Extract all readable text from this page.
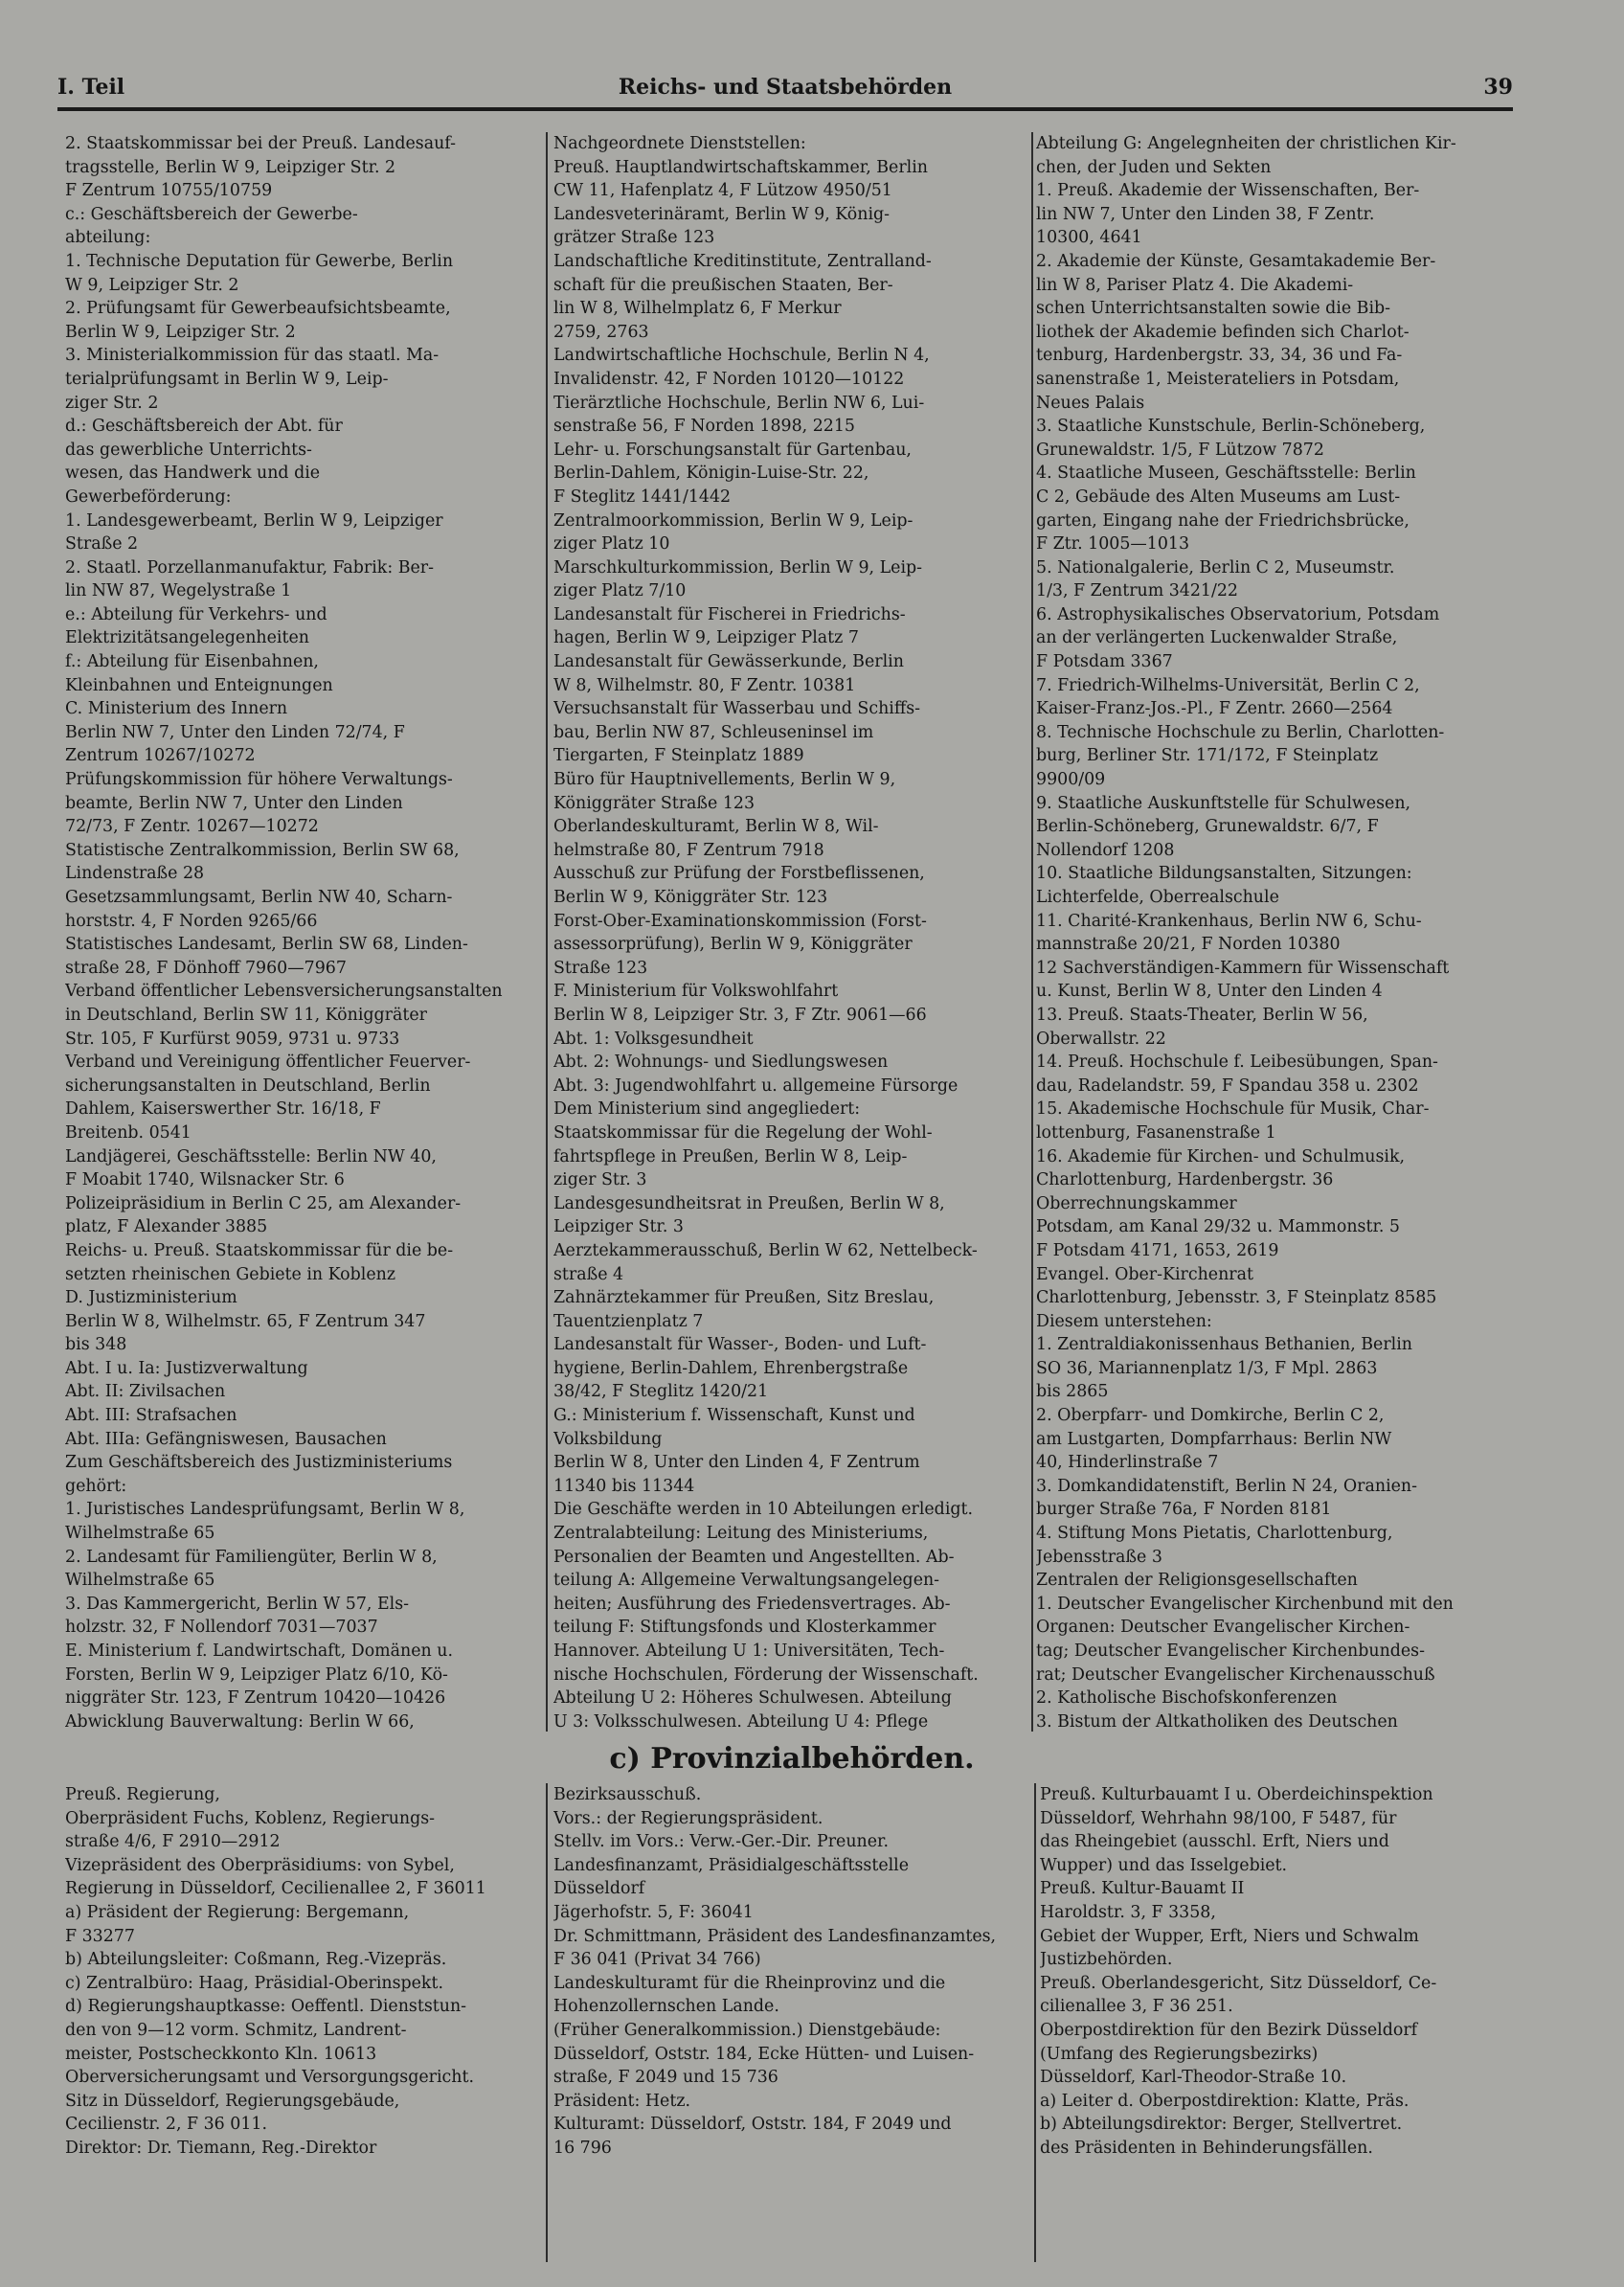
I. Teil	Reichs- und Staatsbehörden	39
2. Staatskommissar bei der Preuß. Landesauf-
tragsstelle, Berlin W 9, Leipziger Str. 2
F Zentrum 10755/10759
c.: Geschäftsbereich der Gewerbe-
abteilung:
1. Technische Deputation für Gewerbe, Berlin
W 9, Leipziger Str. 2
2. Prüfungsamt für Gewerbeaufsichtsbeamte,
Berlin W 9, Leipziger Str. 2
3. Ministerialkommission für das staatl. Ma-
terialprüfungsamt in Berlin W 9, Leip-
ziger Str. 2
d.: Geschäftsbereich der Abt. für
das gewerbliche Unterrichts-
wesen, das Handwerk und die
Gewerbeförderung:
1. Landesgewerbeamt, Berlin W 9, Leipziger
Straße 2
2. Staatl. Porzellanmanufaktur, Fabrik: Ber-
lin NW 87, Wegelystraße 1
e.: Abteilung für Verkehrs- und
Elektrizitätsangelegenheiten
f.: Abteilung für Eisenbahnen,
Kleinbahnen und Enteignungen
C. Ministerium des Innern
Berlin NW 7, Unter den Linden 72/74, F
Zentrum 10267/10272
Prüfungskommission für höhere Verwaltungs-
beamte, Berlin NW 7, Unter den Linden
72/73, F Zentr. 10267—10272
Statistische Zentralkommission, Berlin SW 68,
Lindenstraße 28
Gesetzsammlungsamt, Berlin NW 40, Scharn-
horststr. 4, F Norden 9265/66
Statistisches Landesamt, Berlin SW 68, Linden-
straße 28, F Dönhoff 7960—7967
Verband öffentlicher Lebensversicherungsanstalten
in Deutschland, Berlin SW 11, Königgräter
Str. 105, F Kurfürst 9059, 9731 u. 9733
Verband und Vereinigung öffentlicher Feuerver-
sicherungsanstalten in Deutschland, Berlin
Dahlem, Kaiserswerther Str. 16/18, F
Breitenb. 0541
Landjägerei, Geschäftsstelle: Berlin NW 40,
F Moabit 1740, Wilsnacker Str. 6
Polizeipräsidium in Berlin C 25, am Alexander-
platz, F Alexander 3885
Reichs- u. Preuß. Staatskommissar für die be-
setzten rheinischen Gebiete in Koblenz
D. Justizministerium
Berlin W 8, Wilhelmstr. 65, F Zentrum 347
bis 348
Abt. I u. Ia: Justizverwaltung
Abt. II: Zivilsachen
Abt. III: Strafsachen
Abt. IIIa: Gefängniswesen, Bausachen
Zum Geschäftsbereich des Justizministeriums
gehört:
1. Juristisches Landesprüfungsamt, Berlin W 8,
Wilhelmstraße 65
2. Landesamt für Familiengüter, Berlin W 8,
Wilhelmstraße 65
3. Das Kammergericht, Berlin W 57, Els-
holzstr. 32, F Nollendorf 7031—7037
E. Ministerium f. Landwirtschaft, Domänen u.
Forsten, Berlin W 9, Leipziger Platz 6/10, Kö-
niggräter Str. 123, F Zentrum 10420—10426
Abwicklung Bauverwaltung: Berlin W 66,
Nachgeordnete Dienststellen:
Preuß. Hauptlandwirtschaftskammer, Berlin
CW 11, Hafenplatz 4, F Lützow 4950/51
Landesveterinäramt, Berlin W 9, König-
grätzer Straße 123
Landschaftliche Kreditinstitute, Zentralland-
schaft für die preußischen Staaten, Ber-
lin W 8, Wilhelmplatz 6, F Merkur
2759, 2763
Landwirtschaftliche Hochschule, Berlin N 4,
Invalidenstr. 42, F Norden 10120—10122
Tierärztliche Hochschule, Berlin NW 6, Lui-
senstraße 56, F Norden 1898, 2215
Lehr- u. Forschungsanstalt für Gartenbau,
Berlin-Dahlem, Königin-Luise-Str. 22,
F Steglitz 1441/1442
Zentralmoorkommission, Berlin W 9, Leip-
ziger Platz 10
Marschkulturkommission, Berlin W 9, Leip-
ziger Platz 7/10
Landesanstalt für Fischerei in Friedrichs-
hagen, Berlin W 9, Leipziger Platz 7
Landesanstalt für Gewässerkunde, Berlin
W 8, Wilhelmstr. 80, F Zentr. 10381
Versuchsanstalt für Wasserbau und Schiffs-
bau, Berlin NW 87, Schleuseninsel im
Tiergarten, F Steinplatz 1889
Büro für Hauptnivellements, Berlin W 9,
Königgräter Straße 123
Oberlandeskulturamt, Berlin W 8, Wil-
helmstraße 80, F Zentrum 7918
Ausschuß zur Prüfung der Forstbeflissenen,
Berlin W 9, Königgräter Str. 123
Forst-Ober-Examinationskommission (Forst-
assessorprüfung), Berlin W 9, Königgräter
Straße 123
F. Ministerium für Volkswohlfahrt
Berlin W 8, Leipziger Str. 3, F Ztr. 9061—66
Abt. 1: Volksgesundheit
Abt. 2: Wohnungs- und Siedlungswesen
Abt. 3: Jugendwohlfahrt u. allgemeine Fürsorge
Dem Ministerium sind angegliedert:
Staatskommissar für die Regelung der Wohl-
fahrtspflege in Preußen, Berlin W 8, Leip-
ziger Str. 3
Landesgesundheitsrat in Preußen, Berlin W 8,
Leipziger Str. 3
Aerztekammerausschuß, Berlin W 62, Nettelbeck-
straße 4
Zahnärztekammer für Preußen, Sitz Breslau,
Tauentzienplatz 7
Landesanstalt für Wasser-, Boden- und Luft-
hygiene, Berlin-Dahlem, Ehrenbergstraße
38/42, F Steglitz 1420/21
G.: Ministerium f. Wissenschaft, Kunst und
Volksbildung
Berlin W 8, Unter den Linden 4, F Zentrum
11340 bis 11344
Die Geschäfte werden in 10 Abteilungen erledigt.
Zentralabteilung: Leitung des Ministeriums,
Personalien der Beamten und Angestellten. Ab-
teilung A: Allgemeine Verwaltungsangelegen-
heiten; Ausführung des Friedensvertrages. Ab-
teilung F: Stiftungsfonds und Klosterkammer
Hannover. Abteilung U 1: Universitäten, Tech-
nische Hochschulen, Förderung der Wissenschaft.
Abteilung U 2: Höheres Schulwesen. Abteilung
U 3: Volksschulwesen. Abteilung U 4: Pflege
Abteilung G: Angelegnheiten der christlichen Kir-
chen, der Juden und Sekten
1. Preuß. Akademie der Wissenschaften, Ber-
lin NW 7, Unter den Linden 38, F Zentr.
10300, 4641
2. Akademie der Künste, Gesamtakademie Ber-
lin W 8, Pariser Platz 4. Die Akademi-
schen Unterrichtsanstalten sowie die Bib-
liothek der Akademie befinden sich Charlot-
tenburg, Hardenbergstr. 33, 34, 36 und Fa-
sanenstraße 1, Meisterateliers in Potsdam,
Neues Palais
3. Staatliche Kunstschule, Berlin-Schöneberg,
Grunewaldstr. 1/5, F Lützow 7872
4. Staatliche Museen, Geschäftsstelle: Berlin
C 2, Gebäude des Alten Museums am Lust-
garten, Eingang nahe der Friedrichsbrücke,
F Ztr. 1005—1013
5. Nationalgalerie, Berlin C 2, Museumstr.
1/3, F Zentrum 3421/22
6. Astrophysikalisches Observatorium, Potsdam
an der verlängerten Luckenwalder Straße,
F Potsdam 3367
7. Friedrich-Wilhelms-Universität, Berlin C 2,
Kaiser-Franz-Jos.-Pl., F Zentr. 2660—2564
8. Technische Hochschule zu Berlin, Charlotten-
burg, Berliner Str. 171/172, F Steinplatz
9900/09
9. Staatliche Auskunftstelle für Schulwesen,
Berlin-Schöneberg, Grunewaldstr. 6/7, F
Nollendorf 1208
10. Staatliche Bildungsanstalten, Sitzungen:
Lichterfelde, Oberrealschule
11. Charité-Krankenhaus, Berlin NW 6, Schu-
mannstraße 20/21, F Norden 10380
12 Sachverständigen-Kammern für Wissenschaft
u. Kunst, Berlin W 8, Unter den Linden 4
13. Preuß. Staats-Theater, Berlin W 56,
Oberwallstr. 22
14. Preuß. Hochschule f. Leibesübungen, Span-
dau, Radelandstr. 59, F Spandau 358 u. 2302
15. Akademische Hochschule für Musik, Char-
lottenburg, Fasanenstraße 1
16. Akademie für Kirchen- und Schulmusik,
Charlottenburg, Hardenbergstr. 36
Oberrechnungskammer
Potsdam, am Kanal 29/32 u. Mammonstr. 5
F Potsdam 4171, 1653, 2619
Evangel. Ober-Kirchenrat
Charlottenburg, Jebensstr. 3, F Steinplatz 8585
Diesem unterstehen:
1. Zentraldiakonissenhaus Bethanien, Berlin
SO 36, Mariannenplatz 1/3, F Mpl. 2863
bis 2865
2. Oberpfarr- und Domkirche, Berlin C 2,
am Lustgarten, Dompfarrhaus: Berlin NW
40, Hinderlinstraße 7
3. Domkandidatenstift, Berlin N 24, Oranien-
burger Straße 76a, F Norden 8181
4. Stiftung Mons Pietatis, Charlottenburg,
Jebensstraße 3
Zentralen der Religionsgesellschaften
1. Deutscher Evangelischer Kirchenbund mit den
Organen: Deutscher Evangelischer Kirchen-
tag; Deutscher Evangelischer Kirchenbundes-
rat; Deutscher Evangelischer Kirchenausschuß
2. Katholische Bischofskonferenzen
3. Bistum der Altkatholiken des Deutschen
c) Provinzialbehörden.
Preuß. Regierung,
Oberpräsident Fuchs, Koblenz, Regierungs-
straße 4/6, F 2910—2912
Vizepräsident des Oberpräsidiums: von Sybel,
Regierung in Düsseldorf, Cecilienallee 2, F 36011
a) Präsident der Regierung: Bergemann,
F 33277
b) Abteilungsleiter: Coßmann, Reg.-Vizepräs.
c) Zentralbüro: Haag, Präsidial-Oberinspekt.
d) Regierungshauptkasse: Oeffentl. Dienststun-
den von 9—12 vorm. Schmitz, Landrent-
meister, Postscheckkonto Kln. 10613
Oberversicherungsamt und Versorgungsgericht.
Sitz in Düsseldorf, Regierungsgebäude,
Cecilienstr. 2, F 36 011.
Direktor: Dr. Tiemann, Reg.-Direktor
Bezirksausschuß.
Vors.: der Regierungspräsident.
Stellv. im Vors.: Verw.-Ger.-Dir. Preuner.
Landesfinanzamt, Präsidialgeschäftsstelle
Düsseldorf
Jägerhofstr. 5, F: 36041
Dr. Schmittmann, Präsident des Landesfinanzamtes,
F 36 041 (Privat 34 766)
Landeskulturamt für die Rheinprovinz und die
Hohenzollernschen Lande.
(Früher Generalkommission.) Dienstgebäude:
Düsseldorf, Oststr. 184, Ecke Hütten- und Luisen-
straße, F 2049 und 15 736
Präsident: Hetz.
Kulturamt: Düsseldorf, Oststr. 184, F 2049 und
16 796
Preuß. Kulturbauamt I u. Oberdeichinspektion
Düsseldorf, Wehrhahn 98/100, F 5487, für
das Rheingebiet (ausschl. Erft, Niers und
Wupper) und das Isselgebiet.
Preuß. Kultur-Bauamt II
Haroldstr. 3, F 3358,
Gebiet der Wupper, Erft, Niers und Schwalm
Justizbehörden.
Preuß. Oberlandesgericht, Sitz Düsseldorf, Ce-
cilienallee 3, F 36 251.
Oberpostdirektion für den Bezirk Düsseldorf
(Umfang des Regierungsbezirks)
Düsseldorf, Karl-Theodor-Straße 10.
a) Leiter d. Oberpostdirektion: Klatte, Präs.
b) Abteilungsdirektor: Berger, Stellvertret.
des Präsidenten in Behinderungsfällen.
